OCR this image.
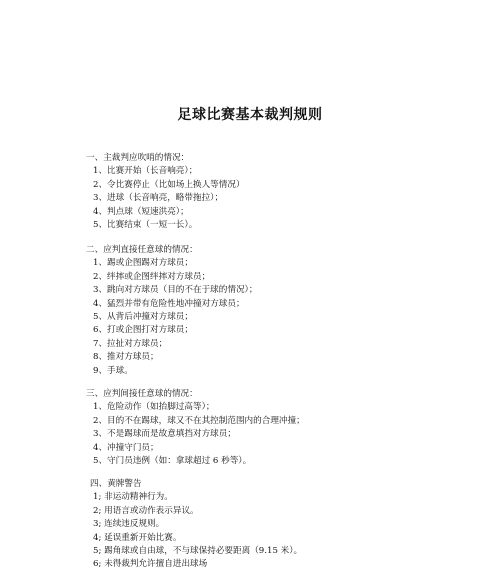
足球比赛基本裁判规则
一、主裁判应吹哨的情况：
1、比赛开始（长音响亮）；
2、令比赛停止（比如场上换人等情况）
3、进球（长音响亮，略带拖拉）；
4、判点球（短速洪亮）；
5、比赛结束（一短一长）。
二、应判直接任意球的情况：
1、踢或企图踢对方球员；
2、绊摔或企图绊摔对方球员；
3、跳向对方球员（目的不在于球的情况）；
4、猛烈并带有危险性地冲撞对方球员；
5、从背后冲撞对方球员；
6、打或企图打对方球员；
7、拉扯对方球员；
8、推对方球员；
9、手球。
三、应判间接任意球的情况：
1、危险动作（如抬脚过高等）；
2、目的不在踢球，球又不在其控制范围内的合理冲撞；
3、不是踢球而是故意填挡对方球员；
4、冲撞守门员；
5、守门员违例（如：拿球超过 6 秒等）。
四、黄牌警告
1; 非运动精神行为。
2; 用语言或动作表示异议。
3; 连续违反规则。
4; 延误重新开始比赛。
5; 踢角球或自由球，不与球保持必要距离（9.15 米）。
6; 未得裁判允许擅自进出球场
